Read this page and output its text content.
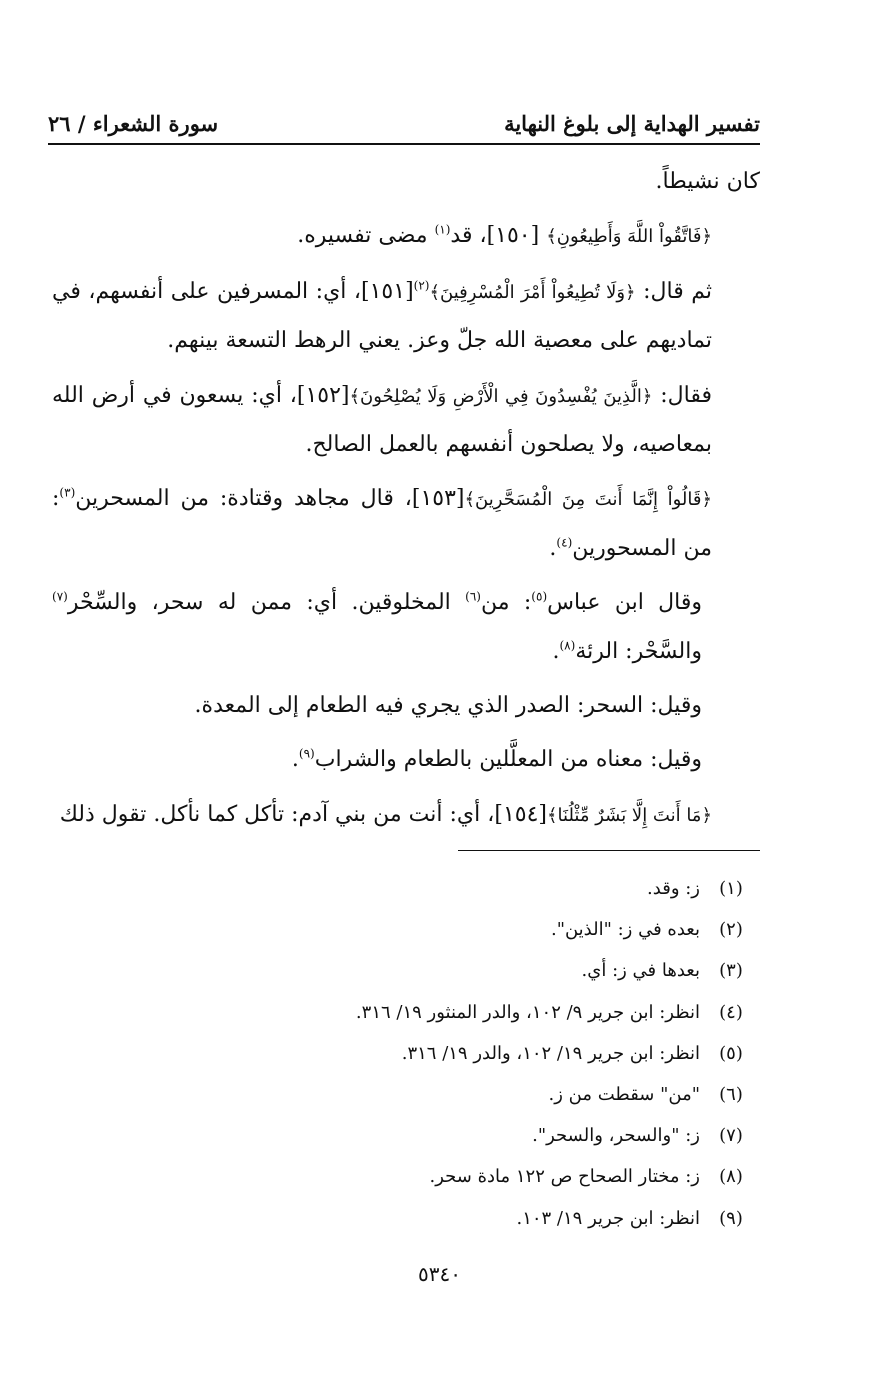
تفسير الهداية إلى بلوغ النهاية
سورة الشعراء / ٢٦

كان نشيطاً.

﴿فَاتَّقُواْ اللَّهَ وَأَطِيعُونِ﴾ [١٥٠]، قد$^{(١)}$ مضى تفسيره.

ثم قال: ﴿وَلَا تُطِيعُواْ أَمْرَ الْمُسْرِفِينَ﴾$^{(٢)}$[١٥١]، أي: المسرفين على أنفسهم، في تماديهم على معصية الله جلّ وعز. يعني الرهط التسعة بينهم.

فقال: ﴿الَّذِينَ يُفْسِدُونَ فِي الْأَرْضِ وَلَا يُصْلِحُونَ﴾[١٥٢]، أي: يسعون في أرض الله بمعاصيه، ولا يصلحون أنفسهم بالعمل الصالح.

﴿قَالُواْ إِنَّمَا أَنتَ مِنَ الْمُسَحَّرِينَ﴾[١٥٣]، قال مجاهد وقتادة: من المسحرين$^{(٣)}$: من المسحورين$^{(٤)}$.

وقال ابن عباس$^{(٥)}$: من$^{(٦)}$ المخلوقين. أي: ممن له سحر، والسِّحْر$^{(٧)}$ والسَّحْر: الرئة$^{(٨)}$.

وقيل: السحر: الصدر الذي يجري فيه الطعام إلى المعدة.

وقيل: معناه من المعلَّلين بالطعام والشراب$^{(٩)}$.

﴿مَا أَنتَ إِلَّا بَشَرٌ مِّثْلُنَا﴾[١٥٤]، أي: أنت من بني آدم: تأكل كما نأكل. تقول ذلك

(١)
ز: وقد.
(٢)
بعده في ز: "الذين".
(٣)
بعدها في ز: أي.
(٤)
انظر: ابن جرير ٩/ ١٠٢، والدر المنثور ١٩/ ٣١٦.
(٥)
انظر: ابن جرير ١٩/ ١٠٢، والدر ١٩/ ٣١٦.
(٦)
"من" سقطت من ز.
(٧)
ز: "والسحر، والسحر".
(٨)
ز: مختار الصحاح ص ١٢٢ مادة سحر.
(٩)
انظر: ابن جرير ١٩/ ١٠٣.
٥٣٤٠
